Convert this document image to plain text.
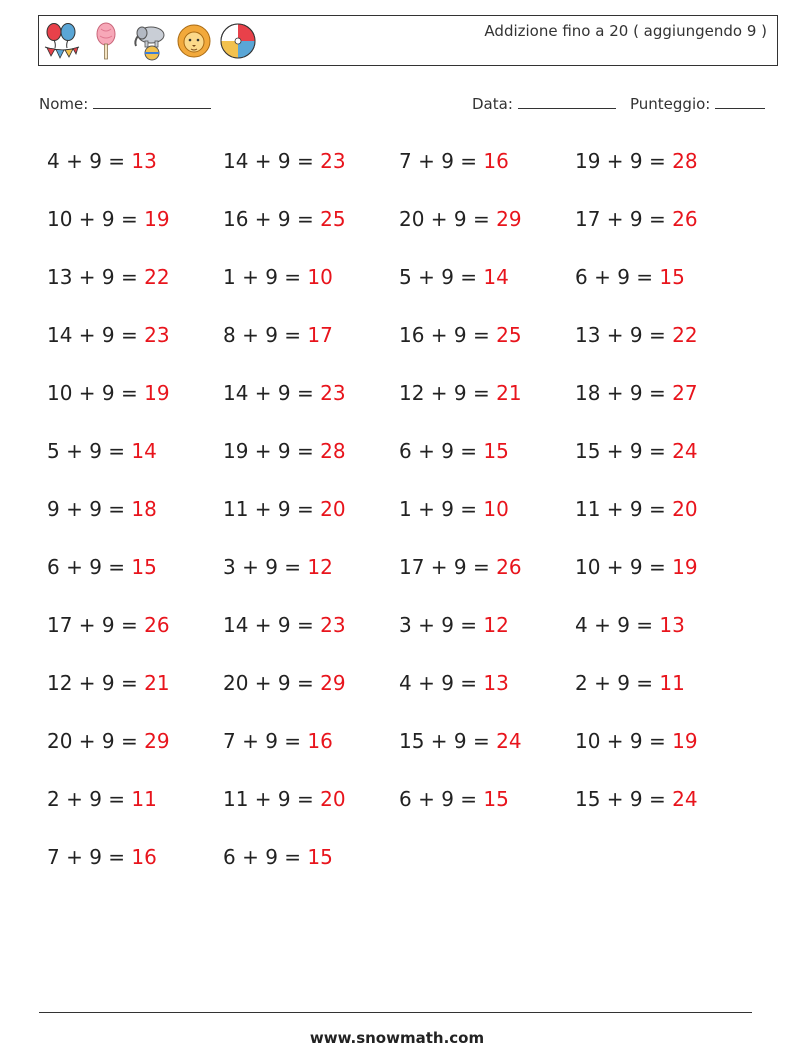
Addizione fino a 20 ( aggiungendo 9 )
Nome:	Data:	Punteggio:
4 + 9 = 13	14 + 9 = 23	7 + 9 = 16	19 + 9 = 28
10 + 9 = 19	16 + 9 = 25	20 + 9 = 29	17 + 9 = 26
13 + 9 = 22	1 + 9 = 10	5 + 9 = 14	6 + 9 = 15
14 + 9 = 23	8 + 9 = 17	16 + 9 = 25	13 + 9 = 22
10 + 9 = 19	14 + 9 = 23	12 + 9 = 21	18 + 9 = 27
5 + 9 = 14	19 + 9 = 28	6 + 9 = 15	15 + 9 = 24
9 + 9 = 18	11 + 9 = 20	1 + 9 = 10	11 + 9 = 20
6 + 9 = 15	3 + 9 = 12	17 + 9 = 26	10 + 9 = 19
17 + 9 = 26	14 + 9 = 23	3 + 9 = 12	4 + 9 = 13
12 + 9 = 21	20 + 9 = 29	4 + 9 = 13	2 + 9 = 11
20 + 9 = 29	7 + 9 = 16	15 + 9 = 24	10 + 9 = 19
2 + 9 = 11	11 + 9 = 20	6 + 9 = 15	15 + 9 = 24
7 + 9 = 16	6 + 9 = 15
www.snowmath.com
